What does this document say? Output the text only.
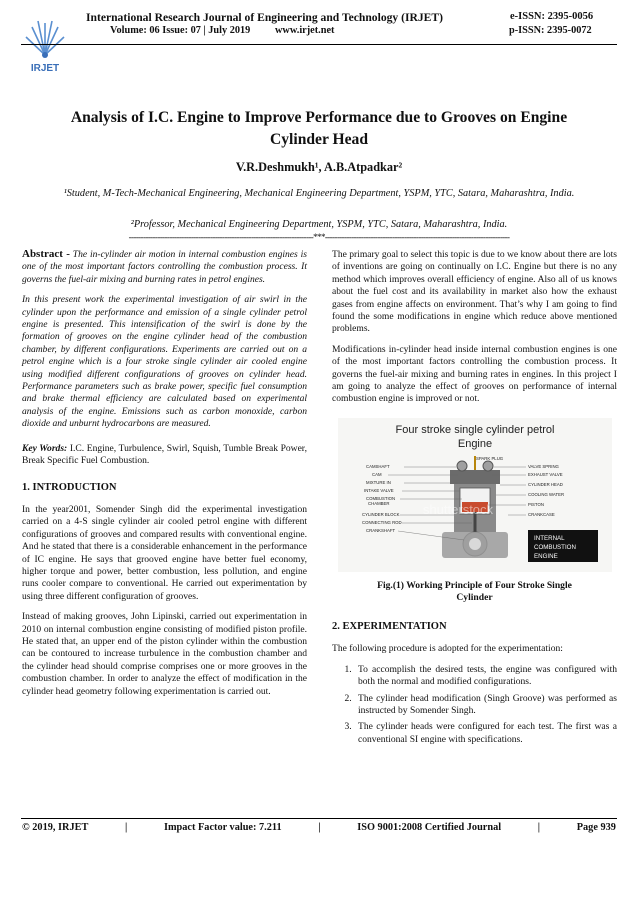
IRJET
International Research Journal of Engineering and Technology (IRJET)	e-ISSN: 2395-0056
Volume: 06 Issue: 07 | July 2019 www.irjet.net	p-ISSN: 2395-0072
Analysis of I.C. Engine to Improve Performance due to Grooves on Engine Cylinder Head
V.R.Deshmukh¹, A.B.Atpadkar²
¹Student, M-Tech-Mechanical Engineering, Mechanical Engineering Department, YSPM, YTC, Satara, Maharashtra, India.
²Professor, Mechanical Engineering Department, YSPM, YTC, Satara, Maharashtra, India.
-----------------------------------------------------------------------------***-----------------------------------------------------------------------------

Abstract - The in-cylinder air motion in internal combustion engines is one of the most important factors controlling the combustion process. It governs the fuel-air mixing and burning rates in petrol engines.

In this present work the experimental investigation of air swirl in the cylinder upon the performance and emission of a single cylinder petrol engine is presented. This intensification of the swirl is done by the formation of grooves on the engine cylinder head of the combustion chamber, by different configurations. Experiments are carried out on a petrol engine which is a four stroke single cylinder air cooled engine using modified different configurations of grooves on cylinder head. Performance parameters such as brake power, specific fuel consumption and brake thermal efficiency are calculated based on experimental analysis of the engine. Emissions such as carbon monoxide, carbon dioxide and unburnt hydrocarbons are measured.

Key Words: I.C. Engine, Turbulence, Swirl, Squish, Tumble Break Power, Break Specific Fuel Combustion.

1. INTRODUCTION

In the year2001, Somender Singh did the experimental investigation carried on a 4-S single cylinder air cooled petrol engine with different configurations of grooves and compared results with conventional engine. And he stated that there is a considerable enhancement in the performance of IC engine. He says that grooved engine have better fuel economy, higher torque and power, better combustion, less pollution, and engine runs cooler compare to conventional. He carried out experimentation by using three different configuration of grooves.

Instead of making grooves, John Lipinski, carried out experimentation in 2010 on internal combustion engine consisting of modified piston profile. He stated that, an upper end of the piston cylinder within the combustion can be contoured to increase turbulence in the combustion chamber and the cylinder head should comprise comprises one or more grooves in the combustion chamber. In order to analyze the effect of modification in the cylinder head geometry following experimentation is carried out.

The primary goal to select this topic is due to we know about there are lots of inventions are going on continually on I.C. Engine but there is no any method which improves overall efficiency of engine. Also all of us knows about the fuel cost and its availability in market also how the exhaust gases from engine affects on environment. That’s why I am going to find found the some modifications in engine which reduce above mentioned problems.

Modifications in-cylinder head inside internal combustion engines is one of the most important factors controlling the combustion process. It governs the fuel-air mixing and burning rates in engines. In this project I am going to analyze the effect of grooves on performance of internal combustion engine is improved or not.

Four stroke single cylinder petrol
Engine
SPARK PLUG
CAMSHAFT
CAM
MIXTURE IN
INTAKE VALVE
COMBUSTION
CHAMBER
CYLINDER BLOCK
CONNECTING ROD
CRANKSHAFT
VALVE SPRING
EXHAUST VALVE
CYLINDER HEAD
COOLING WATER
PISTON
CRANKCASE
shutterstock
INTERNAL
COMBUSTION
ENGINE
Fig.(1) Working Principle of Four Stroke Single
Cylinder

2. EXPERIMENTATION

The following procedure is adopted for the experimentation:

1. To accomplish the desired tests, the engine was configured with both the normal and modified configurations.
2. The cylinder head modification (Singh Groove) was performed as instructed by Somender Singh.
3. The cylinder heads were configured for each test. The first was a conventional SI engine with specifications.
© 2019, IRJET	|	Impact Factor value: 7.211	|	ISO 9001:2008 Certified Journal	|	Page 939
